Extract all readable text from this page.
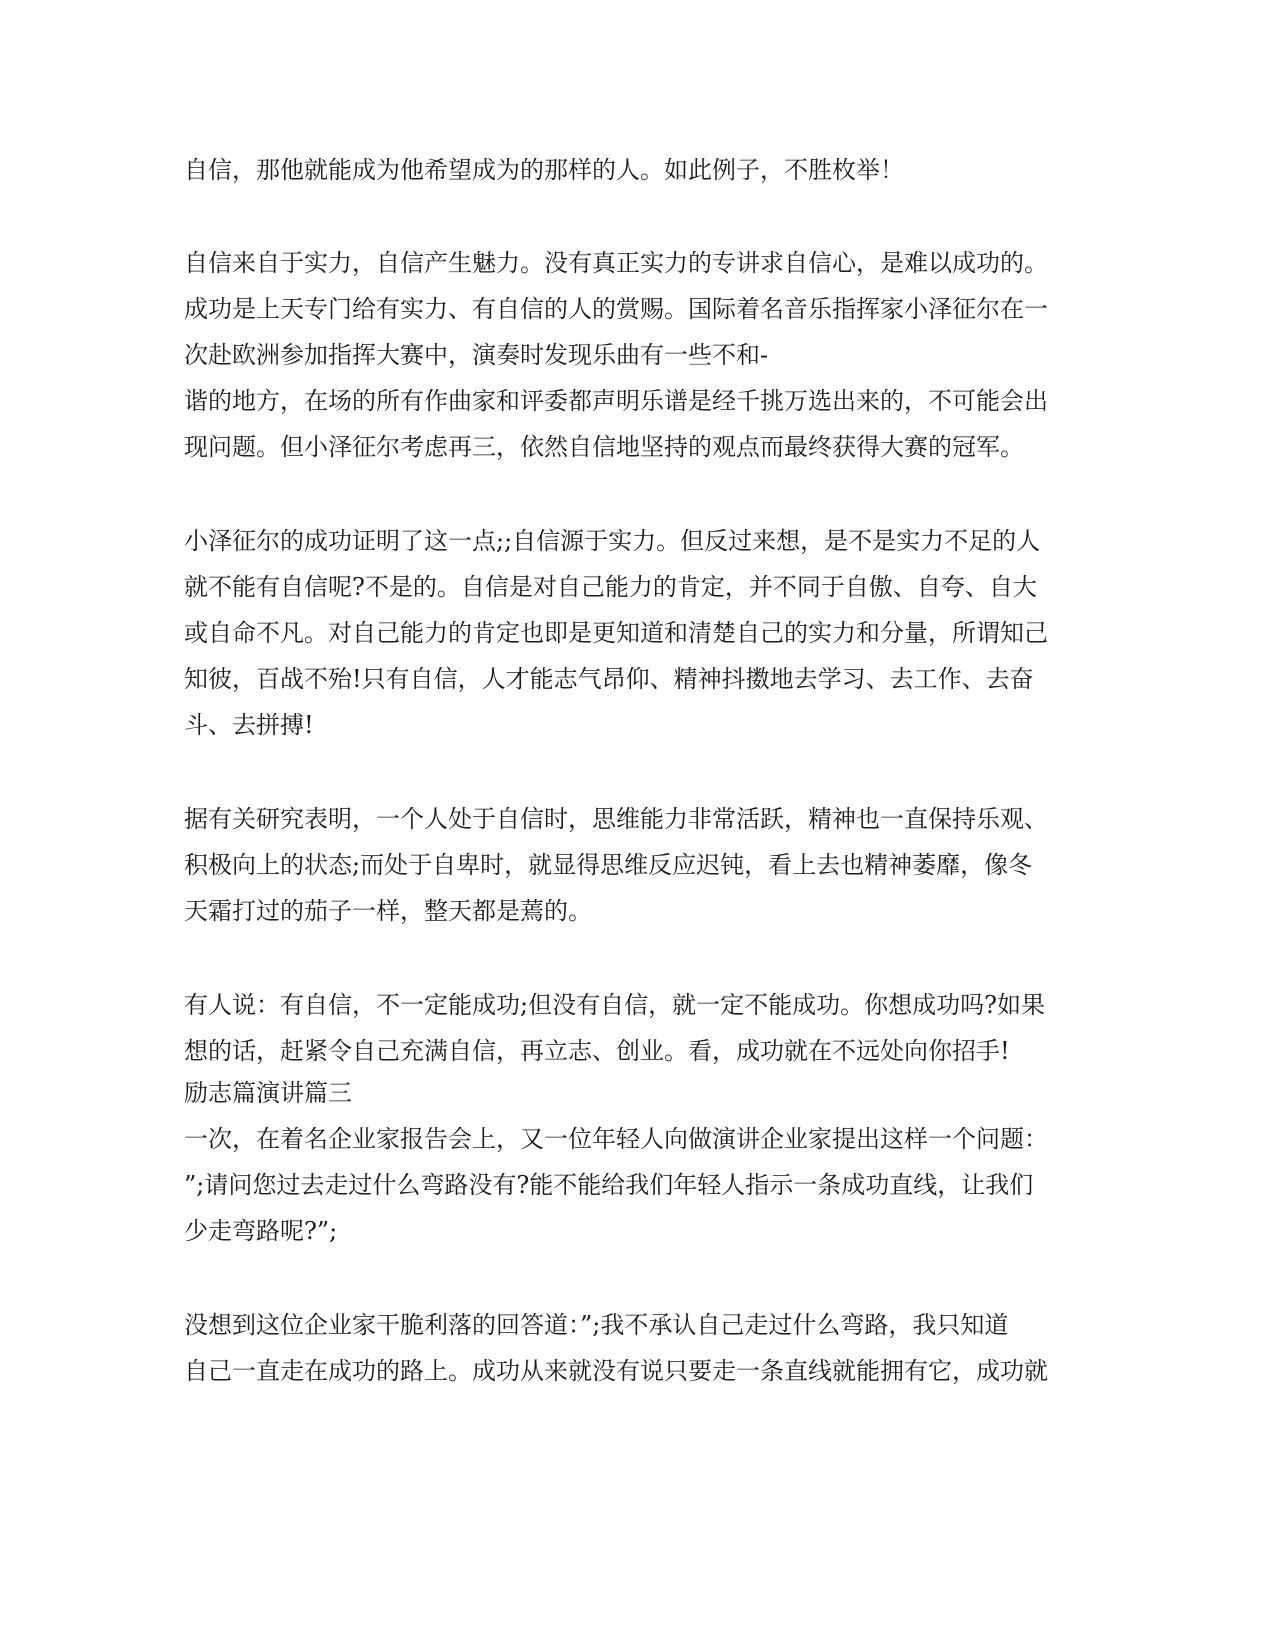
自信，那他就能成为他希望成为的那样的人。如此例子，不胜枚举！

自信来自于实力，自信产生魅力。没有真正实力的专讲求自信心，是难以成功的。

成功是上天专门给有实力、有自信的人的赏赐。国际着名音乐指挥家小泽征尔在一

次赴欧洲参加指挥大赛中，演奏时发现乐曲有一些不和-

谐的地方，在场的所有作曲家和评委都声明乐谱是经千挑万选出来的，不可能会出

现问题。但小泽征尔考虑再三，依然自信地坚持的观点而最终获得大赛的冠军。

小泽征尔的成功证明了这一点;;自信源于实力。但反过来想，是不是实力不足的人

就不能有自信呢?不是的。自信是对自己能力的肯定，并不同于自傲、自夸、自大

或自命不凡。对自己能力的肯定也即是更知道和清楚自己的实力和分量，所谓知己

知彼，百战不殆!只有自信，人才能志气昂仰、精神抖擞地去学习、去工作、去奋

斗、去拼搏!

据有关研究表明，一个人处于自信时，思维能力非常活跃，精神也一直保持乐观、

积极向上的状态;而处于自卑时，就显得思维反应迟钝，看上去也精神萎靡，像冬

天霜打过的茄子一样，整天都是蔫的。

有人说：有自信，不一定能成功;但没有自信，就一定不能成功。你想成功吗?如果

想的话，赶紧令自己充满自信，再立志、创业。看，成功就在不远处向你招手!

励志篇演讲篇三

一次，在着名企业家报告会上，又一位年轻人向做演讲企业家提出这样一个问题：

”;请问您过去走过什么弯路没有?能不能给我们年轻人指示一条成功直线，让我们

少走弯路呢?”;

没想到这位企业家干脆利落的回答道：”;我不承认自己走过什么弯路，我只知道

自己一直走在成功的路上。成功从来就没有说只要走一条直线就能拥有它，成功就
